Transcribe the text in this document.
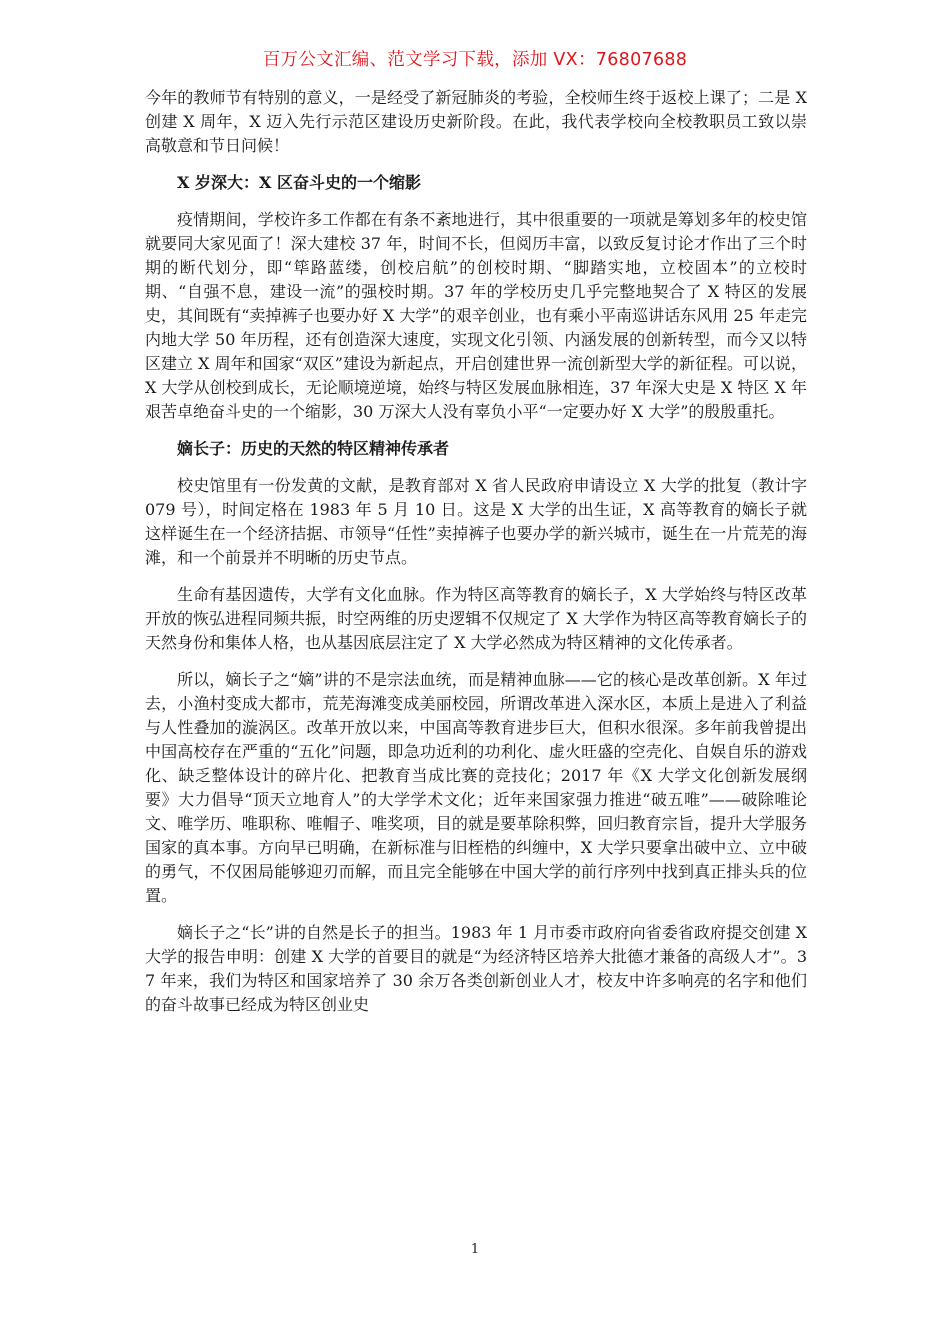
百万公文汇编、范文学习下载，添加 VX：76807688

今年的教师节有特别的意义，一是经受了新冠肺炎的考验，全校师生终于返校上课了；二是 X 创建 X 周年，X 迈入先行示范区建设历史新阶段。在此，我代表学校向全校教职员工致以崇高敬意和节日问候！

X 岁深大：X 区奋斗史的一个缩影

疫情期间，学校许多工作都在有条不紊地进行，其中很重要的一项就是筹划多年的校史馆就要同大家见面了！深大建校 37 年，时间不长，但阅历丰富，以致反复讨论才作出了三个时期的断代划分，即“筚路蓝缕，创校启航”的创校时期、“脚踏实地，立校固本”的立校时期、“自强不息，建设一流”的强校时期。37 年的学校历史几乎完整地契合了 X 特区的发展史，其间既有“卖掉裤子也要办好 X 大学”的艰辛创业，也有乘小平南巡讲话东风用 25 年走完内地大学 50 年历程，还有创造深大速度，实现文化引领、内涵发展的创新转型，而今又以特区建立 X 周年和国家“双区”建设为新起点，开启创建世界一流创新型大学的新征程。可以说，X 大学从创校到成长，无论顺境逆境，始终与特区发展血脉相连，37 年深大史是 X 特区 X 年艰苦卓绝奋斗史的一个缩影，30 万深大人没有辜负小平“一定要办好 X 大学”的殷殷重托。

嫡长子：历史的天然的特区精神传承者

校史馆里有一份发黄的文献，是教育部对 X 省人民政府申请设立 X 大学的批复（教计字 079 号），时间定格在 1983 年 5 月 10 日。这是 X 大学的出生证，X 高等教育的嫡长子就这样诞生在一个经济拮据、市领导“任性”卖掉裤子也要办学的新兴城市，诞生在一片荒芜的海滩，和一个前景并不明晰的历史节点。

生命有基因遗传，大学有文化血脉。作为特区高等教育的嫡长子，X 大学始终与特区改革开放的恢弘进程同频共振，时空两维的历史逻辑不仅规定了 X 大学作为特区高等教育嫡长子的天然身份和集体人格，也从基因底层注定了 X 大学必然成为特区精神的文化传承者。

所以，嫡长子之“嫡”讲的不是宗法血统，而是精神血脉——它的核心是改革创新。X 年过去，小渔村变成大都市，荒芜海滩变成美丽校园，所谓改革进入深水区，本质上是进入了利益与人性叠加的漩涡区。改革开放以来，中国高等教育进步巨大，但积水很深。多年前我曾提出中国高校存在严重的“五化”问题，即急功近利的功利化、虚火旺盛的空壳化、自娱自乐的游戏化、缺乏整体设计的碎片化、把教育当成比赛的竞技化；2017 年《X 大学文化创新发展纲要》大力倡导“顶天立地育人”的大学学术文化；近年来国家强力推进“破五唯”——破除唯论文、唯学历、唯职称、唯帽子、唯奖项，目的就是要革除积弊，回归教育宗旨，提升大学服务国家的真本事。方向早已明确，在新标准与旧桎梏的纠缠中，X 大学只要拿出破中立、立中破的勇气，不仅困局能够迎刃而解，而且完全能够在中国大学的前行序列中找到真正排头兵的位置。

嫡长子之“长”讲的自然是长子的担当。1983 年 1 月市委市政府向省委省政府提交创建 X 大学的报告申明：创建 X 大学的首要目的就是“为经济特区培养大批德才兼备的高级人才”。37 年来，我们为特区和国家培养了 30 余万各类创新创业人才，校友中许多响亮的名字和他们的奋斗故事已经成为特区创业史

1
